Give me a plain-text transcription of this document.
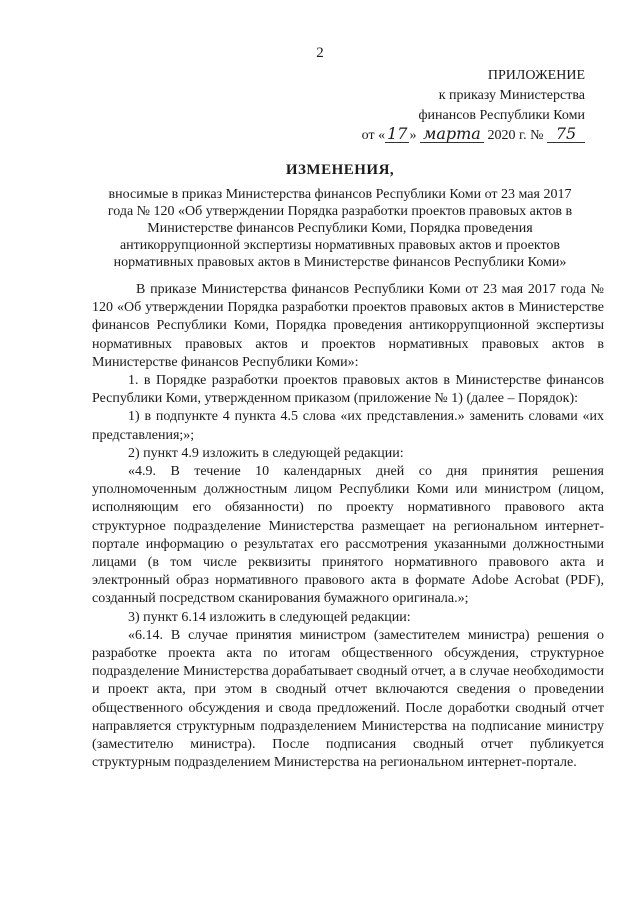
2
ПРИЛОЖЕНИЕ
к приказу Министерства
финансов Республики Коми
от « 17 » марта 2020 г. № 75
ИЗМЕНЕНИЯ,
вносимые в приказ Министерства финансов Республики Коми от 23 мая 2017
года № 120 «Об утверждении Порядка разработки проектов правовых актов в
Министерстве финансов Республики Коми, Порядка проведения
антикоррупционной экспертизы нормативных правовых актов и проектов
нормативных правовых актов в Министерстве финансов Республики Коми»

В приказе Министерства финансов Республики Коми от 23 мая 2017 года № 120 «Об утверждении Порядка разработки проектов правовых актов в Министерстве финансов Республики Коми, Порядка проведения антикоррупционной экспертизы нормативных правовых актов и проектов нормативных правовых актов в Министерстве финансов Республики Коми»:

1. в Порядке разработки проектов правовых актов в Министерстве финансов Республики Коми, утвержденном приказом (приложение № 1) (далее – Порядок):

1) в подпункте 4 пункта 4.5 слова «их представления.» заменить словами «их представления;»;

2) пункт 4.9 изложить в следующей редакции:

«4.9. В течение 10 календарных дней со дня принятия решения уполномоченным должностным лицом Республики Коми или министром (лицом, исполняющим его обязанности) по проекту нормативного правового акта структурное подразделение Министерства размещает на региональном интернет-портале информацию о результатах его рассмотрения указанными должностными лицами (в том числе реквизиты принятого нормативного правового акта и электронный образ нормативного правового акта в формате Adobe Acrobat (PDF), созданный посредством сканирования бумажного оригинала.»;

3) пункт 6.14 изложить в следующей редакции:

«6.14. В случае принятия министром (заместителем министра) решения о разработке проекта акта по итогам общественного обсуждения, структурное подразделение Министерства дорабатывает сводный отчет, а в случае необходимости и проект акта, при этом в сводный отчет включаются сведения о проведении общественного обсуждения и свода предложений. После доработки сводный отчет направляется структурным подразделением Министерства на подписание министру (заместителю министра). После подписания сводный отчет публикуется структурным подразделением Министерства на региональном интернет-портале.
